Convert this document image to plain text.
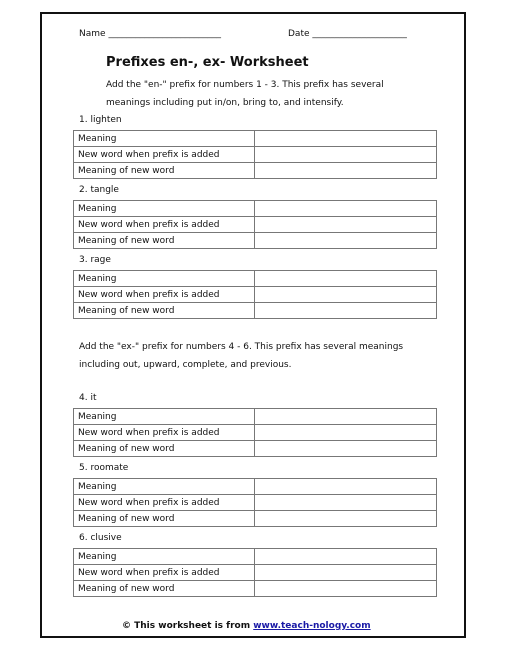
Name _________________________	Date _____________________
Prefixes en-, ex- Worksheet
Add the "en-" prefix for numbers 1 - 3. This prefix has several meanings including put in/on, bring to, and intensify.
1. lighten
Meaning	
New word when prefix is added	
Meaning of new word	
2. tangle
Meaning	
New word when prefix is added	
Meaning of new word	
3. rage
Meaning	
New word when prefix is added	
Meaning of new word	
Add the "ex-" prefix for numbers 4 - 6. This prefix has several meanings including out, upward, complete, and previous.
4. it
Meaning	
New word when prefix is added	
Meaning of new word	
5. roomate
Meaning	
New word when prefix is added	
Meaning of new word	
6. clusive
Meaning	
New word when prefix is added	
Meaning of new word	
© This worksheet is from www.teach-nology.com
